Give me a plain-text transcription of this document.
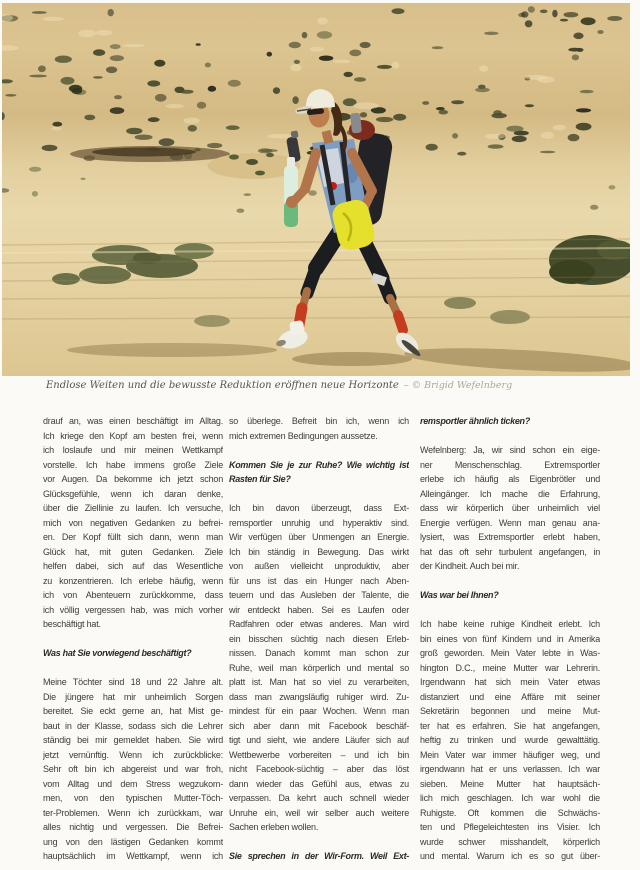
Endlose Weiten und die bewusste Reduktion eröffnen neue Horizonte – © Brigid Wefelnberg
drauf an, was einen beschäftigt im Alltag.
Ich kriege den Kopf am besten frei, wenn
ich loslaufe und mir meinen Wettkampf
vorstelle. Ich habe immens große Ziele
vor Augen. Da bekomme ich jetzt schon
Glücksgefühle, wenn ich daran denke,
über die Ziellinie zu laufen. Ich versuche,
mich von negativen Gedanken zu befrei-
en. Der Kopf füllt sich dann, wenn man
Glück hat, mit guten Gedanken. Ziele
helfen dabei, sich auf das Wesentliche
zu konzentrieren. Ich erlebe häufig, wenn
ich von Abenteuern zurückkomme, dass
ich völlig vergessen hab, was mich vorher
beschäftigt hat.
Was hat Sie vorwiegend beschäftigt?
Meine Töchter sind 18 und 22 Jahre alt.
Die jüngere hat mir unheimlich Sorgen
bereitet. Sie eckt gerne an, hat Mist ge-
baut in der Klasse, sodass sich die Lehrer
ständig bei mir gemeldet haben. Sie wird
jetzt vernünftig. Wenn ich zurückblicke:
Sehr oft bin ich abgereist und war froh,
vom Alltag und dem Stress wegzukom-
men, von den typischen Mutter-Töch-
ter-Problemen. Wenn ich zurückkam, war
alles nichtig und vergessen. Die Befrei-
ung von den lästigen Gedanken kommt
hauptsächlich im Wettkampf, wenn ich
so überlege. Befreit bin ich, wenn ich
mich extremen Bedingungen aussetze.
Kommen Sie je zur Ruhe? Wie wichtig ist
Rasten für Sie?
Ich bin davon überzeugt, dass Ext-
remsportler unruhig und hyperaktiv sind.
Wir verfügen über Unmengen an Energie.
Ich bin ständig in Bewegung. Das wirkt
von außen vielleicht unproduktiv, aber
für uns ist das ein Hunger nach Aben-
teuern und das Ausleben der Talente, die
wir entdeckt haben. Sei es Laufen oder
Radfahren oder etwas anderes. Man wird
ein bisschen süchtig nach diesen Erleb-
nissen. Danach kommt man schon zur
Ruhe, weil man körperlich und mental so
platt ist. Man hat so viel zu verarbeiten,
dass man zwangsläufig ruhiger wird. Zu-
mindest für ein paar Wochen. Wenn man
sich aber dann mit Facebook beschäf-
tigt und sieht, wie andere Läufer sich auf
Wettbewerbe vorbereiten – und ich bin
nicht Facebook-süchtig – aber das löst
dann wieder das Gefühl aus, etwas zu
verpassen. Da kehrt auch schnell wieder
Unruhe ein, weil wir selber auch weitere
Sachen erleben wollen.
Sie sprechen in der Wir-Form. Weil Ext-
remsportler ähnlich ticken?
Wefelnberg: Ja, wir sind schon ein eige-
ner Menschenschlag. Extremsportler
erlebe ich häufig als Eigenbrötler und
Alleingänger. Ich mache die Erfahrung,
dass wir körperlich über unheimlich viel
Energie verfügen. Wenn man genau ana-
lysiert, was Extremsportler erlebt haben,
hat das oft sehr turbulent angefangen, in
der Kindheit. Auch bei mir.
Was war bei Ihnen?
Ich habe keine ruhige Kindheit erlebt. Ich
bin eines von fünf Kindern und in Amerika
groß geworden. Mein Vater lebte in Was-
hington D.C., meine Mutter war Lehrerin.
Irgendwann hat sich mein Vater etwas
distanziert und eine Affäre mit seiner
Sekretärin begonnen und meine Mut-
ter hat es erfahren. Sie hat angefangen,
heftig zu trinken und wurde gewalttätig.
Mein Vater war immer häufiger weg, und
irgendwann hat er uns verlassen. Ich war
sieben. Meine Mutter hat hauptsäch-
lich mich geschlagen. Ich war wohl die
Ruhigste. Oft kommen die Schwächs-
ten und Pflegeleichtesten ins Visier. Ich
wurde schwer misshandelt, körperlich
und mental. Warum ich es so gut über-
